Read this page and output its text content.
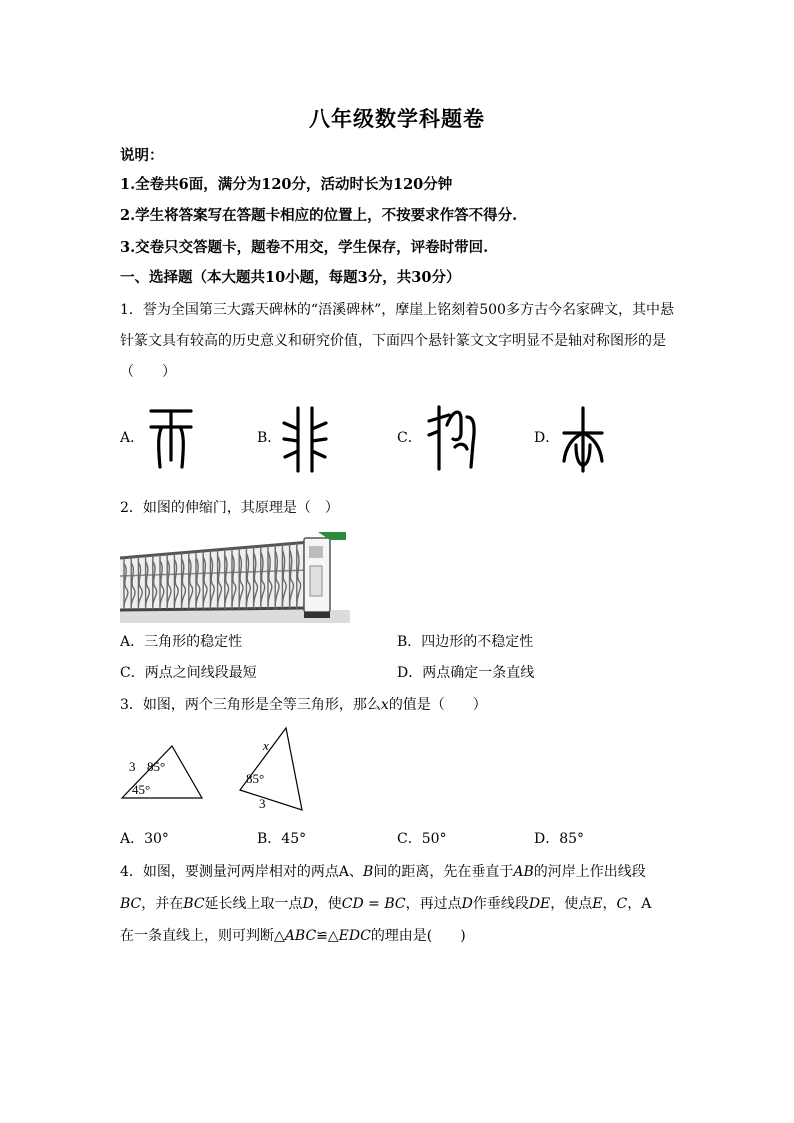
八年级数学科题卷
说明：
1.全卷共6面，满分为120分，活动时长为120分钟
2.学生将答案写在答题卡相应的位置上，不按要求作答不得分.
3.交卷只交答题卡，题卷不用交，学生保存，评卷时带回.
一、选择题（本大题共10小题，每题3分，共30分）
1．誉为全国第三大露天碑林的“浯溪碑林”，摩崖上铭刻着500多方古今名家碑文，其中悬
针篆文具有较高的历史意义和研究价值，下面四个悬针篆文文字明显不是轴对称图形的是
（　　）
A．	B．	C．	D．
2．如图的伸缩门，其原理是（　）
A．三角形的稳定性	B．四边形的不稳定性
C．两点之间线段最短	D．两点确定一条直线
3．如图，两个三角形是全等三角形，那么x的值是（　　）
3 85°
45°
x
85°
3
A．30°	B．45°	C．50°	D．85°
4．如图，要测量河两岸相对的两点A、B间的距离，先在垂直于AB的河岸上作出线段
BC，并在BC延长线上取一点D，使CD = BC，再过点D作垂线段DE，使点E，C，A
在一条直线上，则可判断△ABC≌△EDC的理由是(　　)
